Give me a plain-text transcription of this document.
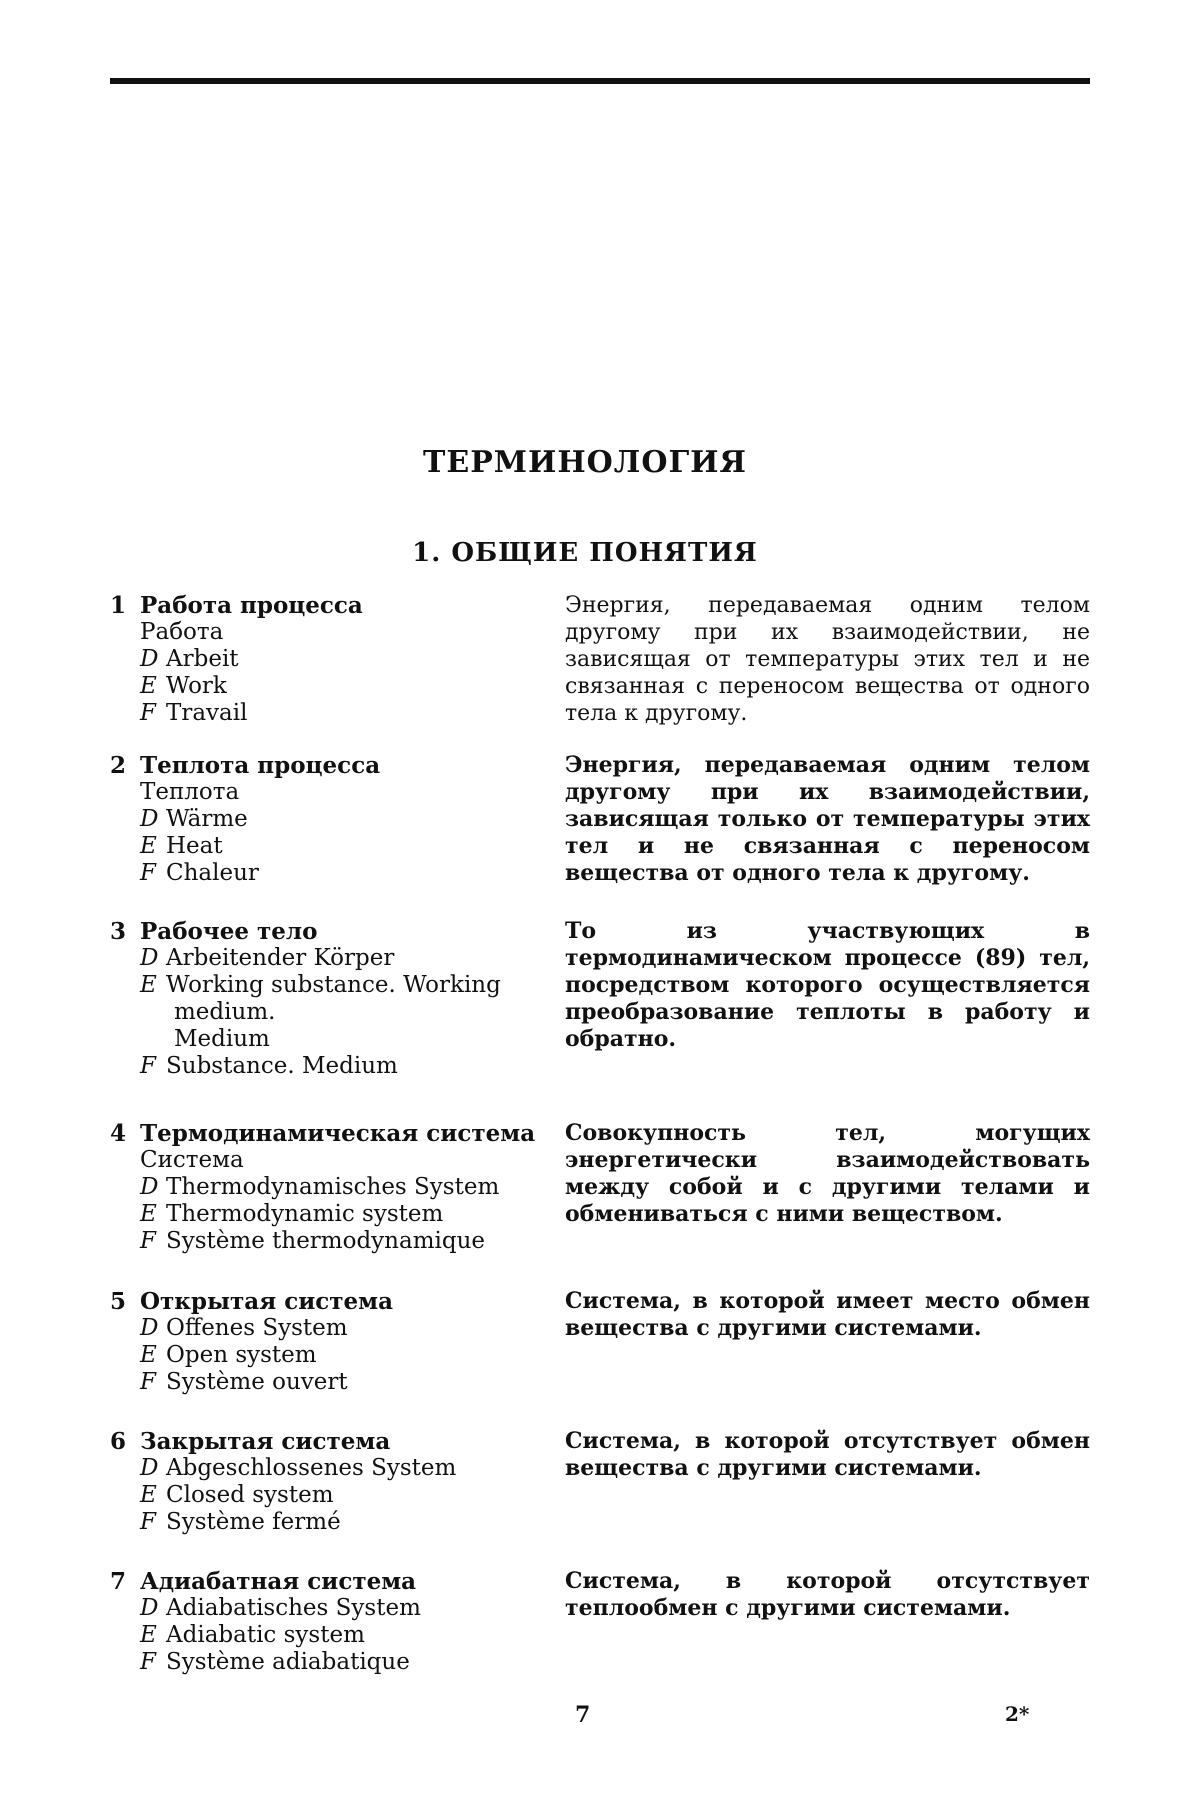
ТЕРМИНОЛОГИЯ
1. ОБЩИЕ ПОНЯТИЯ
1 Работа процесса
Работа
D Arbeit
E Work
F Travail

Энергия, передаваемая одним телом другому при их взаимодействии, не зависящая от температуры этих тел и не связанная с переносом вещества от одного тела к другому.

2 Теплота процесса
Теплота
D Wärme
E Heat
F Chaleur

Энергия, передаваемая одним телом другому при их взаимодействии, зависящая только от температуры этих тел и не связанная с переносом вещества от одного тела к другому.

3 Рабочее тело
D Arbeitender Körper
E Working substance. Working
medium.
Medium
F Substance. Medium

То из участвующих в термодинамическом процессе (89) тел, посредством которого осуществляется преобразование теплоты в работу и обратно.

4 Термодинамическая система
Система
D Thermodynamisches System
E Thermodynamic system
F Système thermodynamique

Совокупность тел, могущих энергетически взаимодействовать между собой и с другими телами и обмениваться с ними веществом.

5 Открытая система
D Offenes System
E Open system
F Système ouvert

Система, в которой имеет место обмен вещества с другими системами.

6 Закрытая система
D Abgeschlossenes System
E Closed system
F Système fermé

Система, в которой отсутствует обмен вещества с другими системами.

7 Адиабатная система
D Adiabatisches System
E Adiabatic system
F Système adiabatique

Система, в которой отсутствует теплообмен с другими системами.

7	2*
